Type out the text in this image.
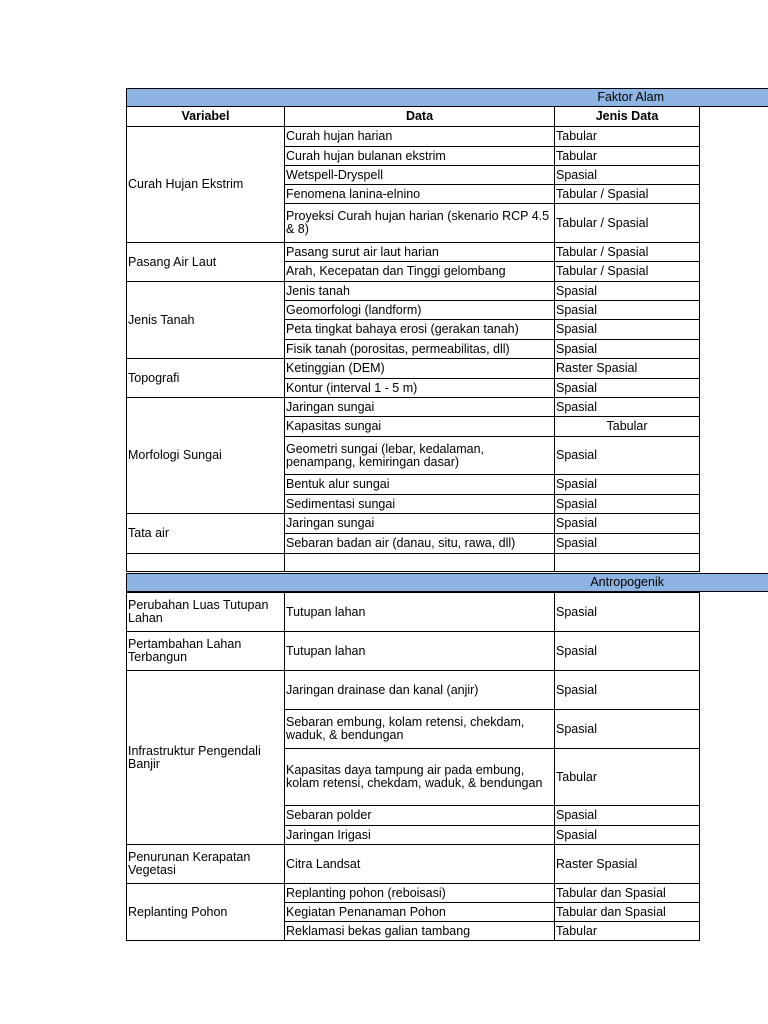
Faktor Alam
Variabel	Data	Jenis Data
Curah Hujan Ekstrim	Curah hujan harian	Tabular
	Curah hujan bulanan ekstrim	Tabular
	Wetspell-Dryspell	Spasial
	Fenomena lanina-elnino	Tabular / Spasial
	Proyeksi Curah hujan harian (skenario RCP 4.5 & 8)	Tabular / Spasial
Pasang Air Laut	Pasang surut air laut harian	Tabular / Spasial
	Arah, Kecepatan dan Tinggi gelombang	Tabular / Spasial
Jenis Tanah	Jenis tanah	Spasial
	Geomorfologi (landform)	Spasial
	Peta tingkat bahaya erosi (gerakan tanah)	Spasial
	Fisik tanah (porositas, permeabilitas, dll)	Spasial
Topografi	Ketinggian (DEM)	Raster Spasial
	Kontur (interval 1 - 5 m)	Spasial
Morfologi Sungai	Jaringan sungai	Spasial
	Kapasitas sungai	Tabular
	Geometri sungai (lebar, kedalaman, penampang, kemiringan dasar)	Spasial
	Bentuk alur sungai	Spasial
	Sedimentasi sungai	Spasial
Tata air	Jaringan sungai	Spasial
	Sebaran badan air (danau, situ, rawa, dll)	Spasial

Antropogenik
Perubahan Luas Tutupan Lahan	Tutupan lahan	Spasial
Pertambahan Lahan Terbangun	Tutupan lahan	Spasial
Infrastruktur Pengendali Banjir	Jaringan drainase dan kanal (anjir)	Spasial
	Sebaran embung, kolam retensi, chekdam, waduk, & bendungan	Spasial
	Kapasitas daya tampung air pada embung, kolam retensi, chekdam, waduk, & bendungan	Tabular
	Sebaran polder	Spasial
	Jaringan Irigasi	Spasial
Penurunan Kerapatan Vegetasi	Citra Landsat	Raster Spasial
Replanting Pohon	Replanting pohon (reboisasi)	Tabular dan Spasial
	Kegiatan Penanaman Pohon	Tabular dan Spasial
	Reklamasi bekas galian tambang	Tabular
